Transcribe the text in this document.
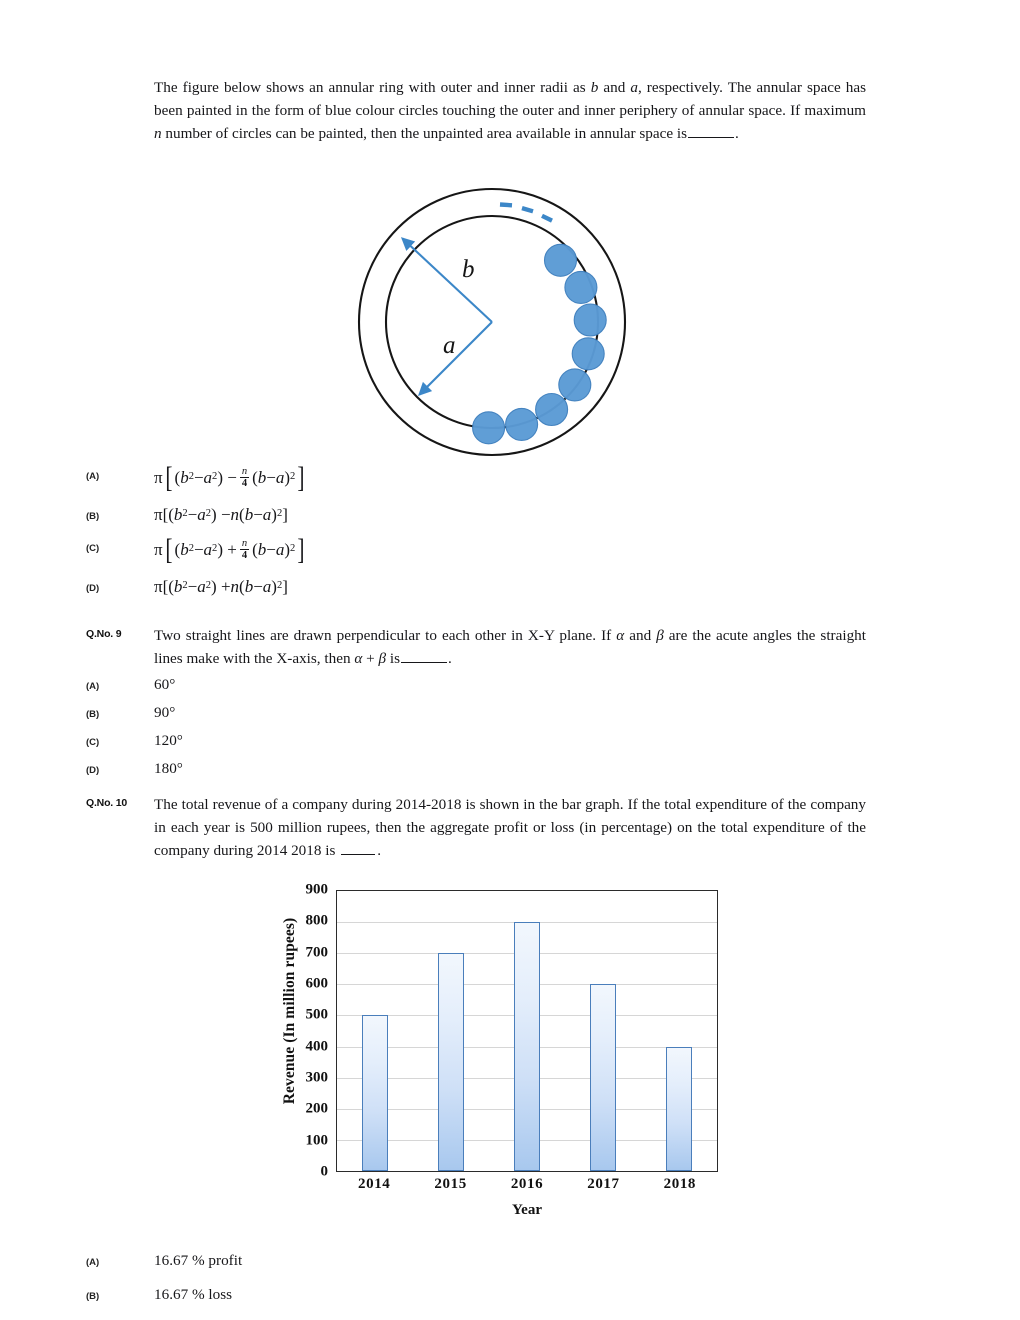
The figure below shows an annular ring with outer and inner radii as b and a, respectively. The annular space has been painted in the form of blue colour circles touching the outer and inner periphery of annular space. If maximum n number of circles can be painted, then the unpainted area available in annular space is	.
b
a
(A)	π [ ( b 2 − a 2 ) − $\frac{n}{4}$ ( b − a ) 2 ]
(B)	π[( b 2 − a 2 ) − n ( b − a ) 2 ]
(C)	π [ ( b 2 − a 2 ) + $\frac{n}{4}$ ( b − a ) 2 ]
(D)	π[( b 2 − a 2 ) + n ( b − a ) 2 ]
Q.No. 9	Two straight lines are drawn perpendicular to each other in X-Y plane. If α and β are the acute angles the straight lines make with the X-axis, then α + β is	.
(A)	60°
(B)	90°
(C)	120°
(D)	180°
Q.No. 10	The total revenue of a company during 2014-2018 is shown in the bar graph. If the total expenditure of the company in each year is 500 million rupees, then the aggregate profit or loss (in percentage) on the total expenditure of the company during 2014 2018 is	.
Revenue (In million rupees)
900
800
700
600
500
400
300
200
100
0
2014	2015	2016	2017	2018
Year
(A)	16.67 % profit
(B)	16.67 % loss
